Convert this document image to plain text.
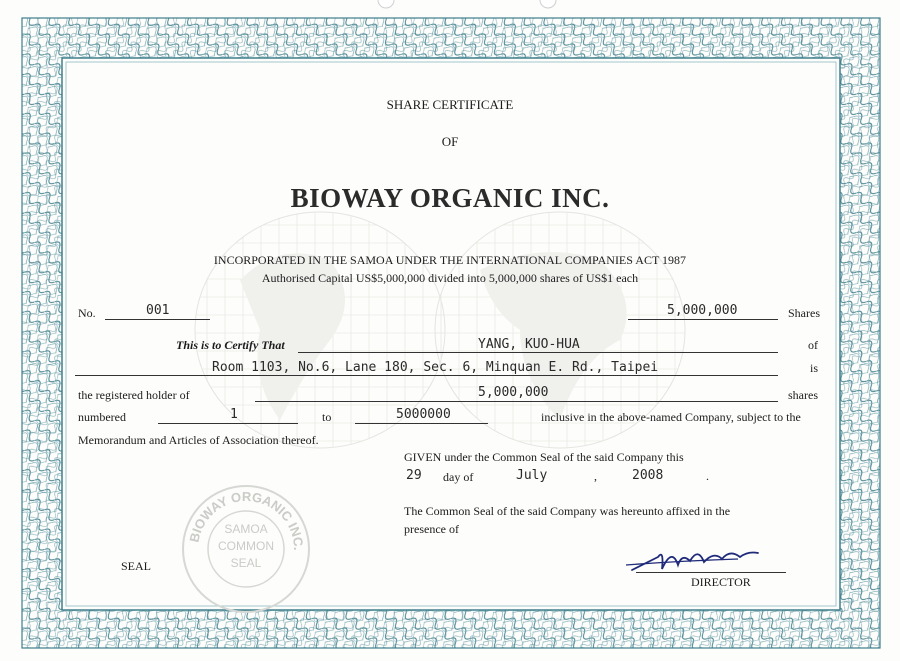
SHARE CERTIFICATE
OF
BIOWAY ORGANIC INC.
INCORPORATED IN THE SAMOA UNDER THE INTERNATIONAL COMPANIES ACT 1987
Authorised Capital US$5,000,000 divided into 5,000,000 shares of US$1 each
No.	001	5,000,000	Shares
This is to Certify That	YANG, KUO-HUA	of
Room 1103, No.6, Lane 180, Sec. 6, Minquan E. Rd., Taipei	is
the registered holder of	5,000,000	shares
numbered	1	to	5000000	inclusive in the above-named Company, subject to the
Memorandum and Articles of Association thereof.
GIVEN under the Common Seal of the said Company this
29 day of	July	,	2008	.
The Common Seal of the said Company was hereunto affixed in the
presence of
BIOWAY ORGANIC INC.
SAMOA
COMMON
SEAL
SEAL
DIRECTOR
